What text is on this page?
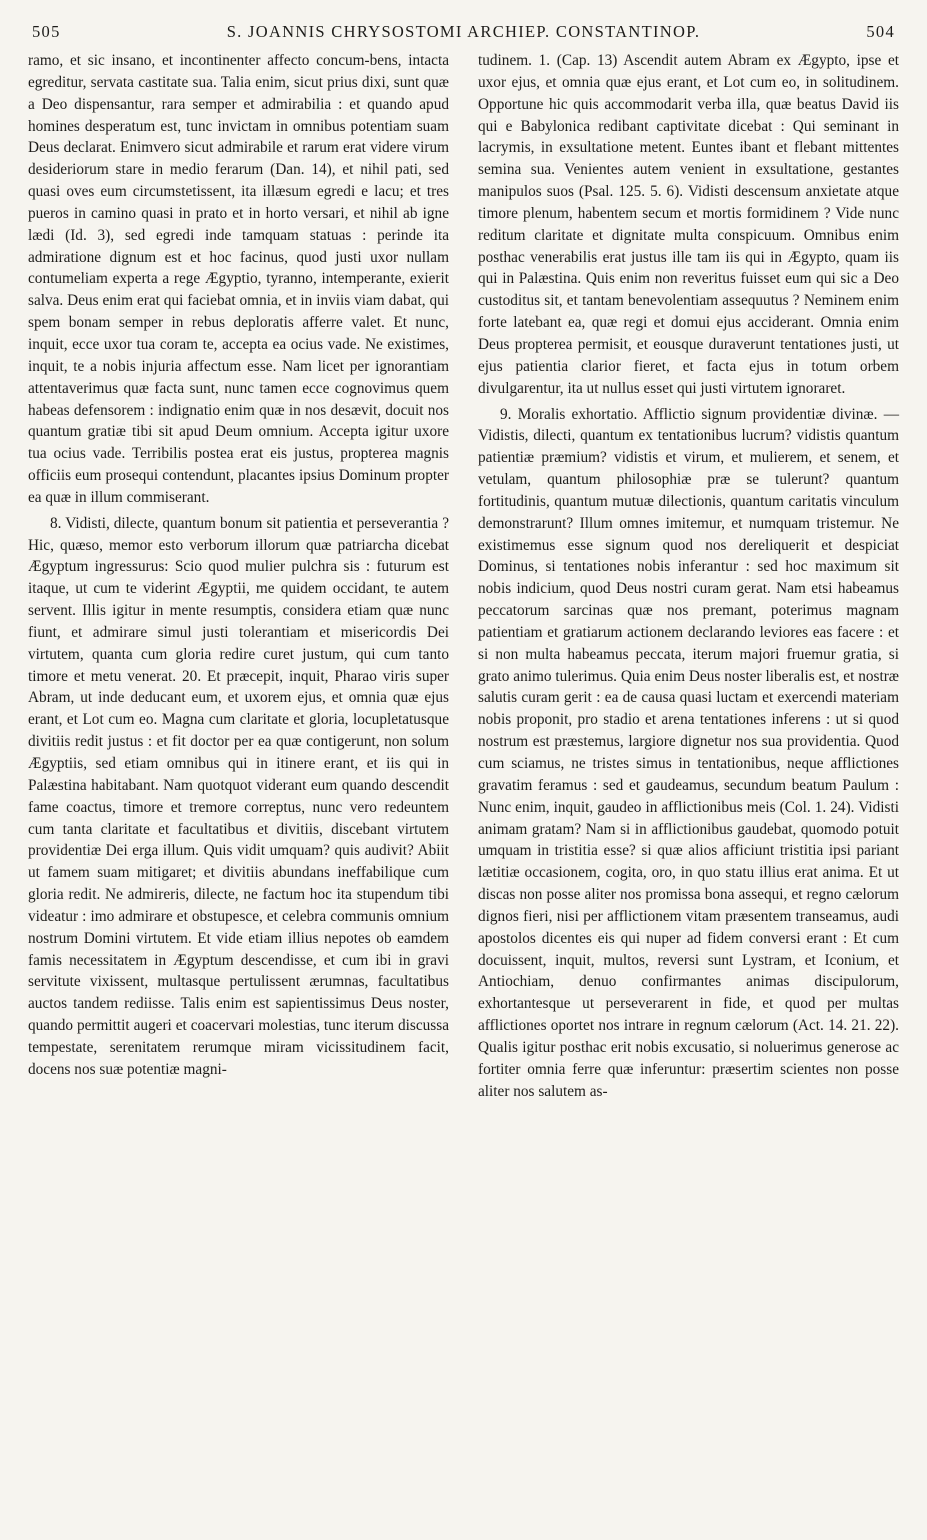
505	S. JOANNIS CHRYSOSTOMI ARCHIEP. CONSTANTINOP.	504

ramo, et sic insano, et incontinenter affecto concum-bens, intacta egreditur, servata castitate sua. Talia enim, sicut prius dixi, sunt quæ a Deo dispensantur, rara semper et admirabilia : et quando apud homines desperatum est, tunc invictam in omnibus potentiam suam Deus declarat. Enimvero sicut admirabile et rarum erat videre virum desideriorum stare in medio ferarum (Dan. 14), et nihil pati, sed quasi oves eum circumstetissent, ita illæsum egredi e lacu; et tres pueros in camino quasi in prato et in horto versari, et nihil ab igne lædi (Id. 3), sed egredi inde tamquam statuas : perinde ita admiratione dignum est et hoc facinus, quod justi uxor nullam contumeliam experta a rege Ægyptio, tyranno, intemperante, exierit salva. Deus enim erat qui faciebat omnia, et in inviis viam dabat, qui spem bonam semper in rebus deploratis afferre valet. Et nunc, inquit, ecce uxor tua coram te, accepta ea ocius vade. Ne existimes, inquit, te a nobis injuria affectum esse. Nam licet per ignorantiam attentaverimus quæ facta sunt, nunc tamen ecce cognovimus quem habeas defensorem : indignatio enim quæ in nos desævit, docuit nos quantum gratiæ tibi sit apud Deum omnium. Accepta igitur uxore tua ocius vade. Terribilis postea erat eis justus, propterea magnis officiis eum prosequi contendunt, placantes ipsius Dominum propter ea quæ in illum commiserant.

8. Vidisti, dilecte, quantum bonum sit patientia et perseverantia ? Hic, quæso, memor esto verborum illorum quæ patriarcha dicebat Ægyptum ingressurus: Scio quod mulier pulchra sis : futurum est itaque, ut cum te viderint Ægyptii, me quidem occidant, te autem servent. Illis igitur in mente resumptis, considera etiam quæ nunc fiunt, et admirare simul justi tolerantiam et misericordis Dei virtutem, quanta cum gloria redire curet justum, qui cum tanto timore et metu venerat. 20. Et præcepit, inquit, Pharao viris super Abram, ut inde deducant eum, et uxorem ejus, et omnia quæ ejus erant, et Lot cum eo. Magna cum claritate et gloria, locupletatusque divitiis redit justus : et fit doctor per ea quæ contigerunt, non solum Ægyptiis, sed etiam omnibus qui in itinere erant, et iis qui in Palæstina habitabant. Nam quotquot viderant eum quando descendit fame coactus, timore et tremore correptus, nunc vero redeuntem cum tanta claritate et facultatibus et divitiis, discebant virtutem providentiæ Dei erga illum. Quis vidit umquam? quis audivit? Abiit ut famem suam mitigaret; et divitiis abundans ineffabilique cum gloria redit. Ne admireris, dilecte, ne factum hoc ita stupendum tibi videatur : imo admirare et obstupesce, et celebra communis omnium nostrum Domini virtutem. Et vide etiam illius nepotes ob eamdem famis necessitatem in Ægyptum descendisse, et cum ibi in gravi servitute vixissent, multasque pertulissent ærumnas, facultatibus auctos tandem rediisse. Talis enim est sapientissimus Deus noster, quando permittit augeri et coacervari molestias, tunc iterum discussa tempestate, serenitatem rerumque miram vicissitudinem facit, docens nos suæ potentiæ magni-

tudinem. 1. (Cap. 13) Ascendit autem Abram ex Ægypto, ipse et uxor ejus, et omnia quæ ejus erant, et Lot cum eo, in solitudinem. Opportune hic quis accommodarit verba illa, quæ beatus David iis qui e Babylonica redibant captivitate dicebat : Qui seminant in lacrymis, in exsultatione metent. Euntes ibant et flebant mittentes semina sua. Venientes autem venient in exsultatione, gestantes manipulos suos (Psal. 125. 5. 6). Vidisti descensum anxietate atque timore plenum, habentem secum et mortis formidinem ? Vide nunc reditum claritate et dignitate multa conspicuum. Omnibus enim posthac venerabilis erat justus ille tam iis qui in Ægypto, quam iis qui in Palæstina. Quis enim non reveritus fuisset eum qui sic a Deo custoditus sit, et tantam benevolentiam assequutus ? Neminem enim forte latebant ea, quæ regi et domui ejus acciderant. Omnia enim Deus propterea permisit, et eousque duraverunt tentationes justi, ut ejus patientia clarior fieret, et facta ejus in totum orbem divulgarentur, ita ut nullus esset qui justi virtutem ignoraret.

9. Moralis exhortatio. Afflictio signum providentiæ divinæ. — Vidistis, dilecti, quantum ex tentationibus lucrum? vidistis quantum patientiæ præmium? vidistis et virum, et mulierem, et senem, et vetulam, quantum philosophiæ præ se tulerunt? quantum fortitudinis, quantum mutuæ dilectionis, quantum caritatis vinculum demonstrarunt? Illum omnes imitemur, et numquam tristemur. Ne existimemus esse signum quod nos dereliquerit et despiciat Dominus, si tentationes nobis inferantur : sed hoc maximum sit nobis indicium, quod Deus nostri curam gerat. Nam etsi habeamus peccatorum sarcinas quæ nos premant, poterimus magnam patientiam et gratiarum actionem declarando leviores eas facere : et si non multa habeamus peccata, iterum majori fruemur gratia, si grato animo tulerimus. Quia enim Deus noster liberalis est, et nostræ salutis curam gerit : ea de causa quasi luctam et exercendi materiam nobis proponit, pro stadio et arena tentationes inferens : ut si quod nostrum est præstemus, largiore dignetur nos sua providentia. Quod cum sciamus, ne tristes simus in tentationibus, neque afflictiones gravatim feramus : sed et gaudeamus, secundum beatum Paulum : Nunc enim, inquit, gaudeo in afflictionibus meis (Col. 1. 24). Vidisti animam gratam? Nam si in afflictionibus gaudebat, quomodo potuit umquam in tristitia esse? si quæ alios afficiunt tristitia ipsi pariant lætitiæ occasionem, cogita, oro, in quo statu illius erat anima. Et ut discas non posse aliter nos promissa bona assequi, et regno cælorum dignos fieri, nisi per afflictionem vitam præsentem transeamus, audi apostolos dicentes eis qui nuper ad fidem conversi erant : Et cum docuissent, inquit, multos, reversi sunt Lystram, et Iconium, et Antiochiam, denuo confirmantes animas discipulorum, exhortantesque ut perseverarent in fide, et quod per multas afflictiones oportet nos intrare in regnum cælorum (Act. 14. 21. 22). Qualis igitur posthac erit nobis excusatio, si noluerimus generose ac fortiter omnia ferre quæ inferuntur: præsertim scientes non posse aliter nos salutem as-
